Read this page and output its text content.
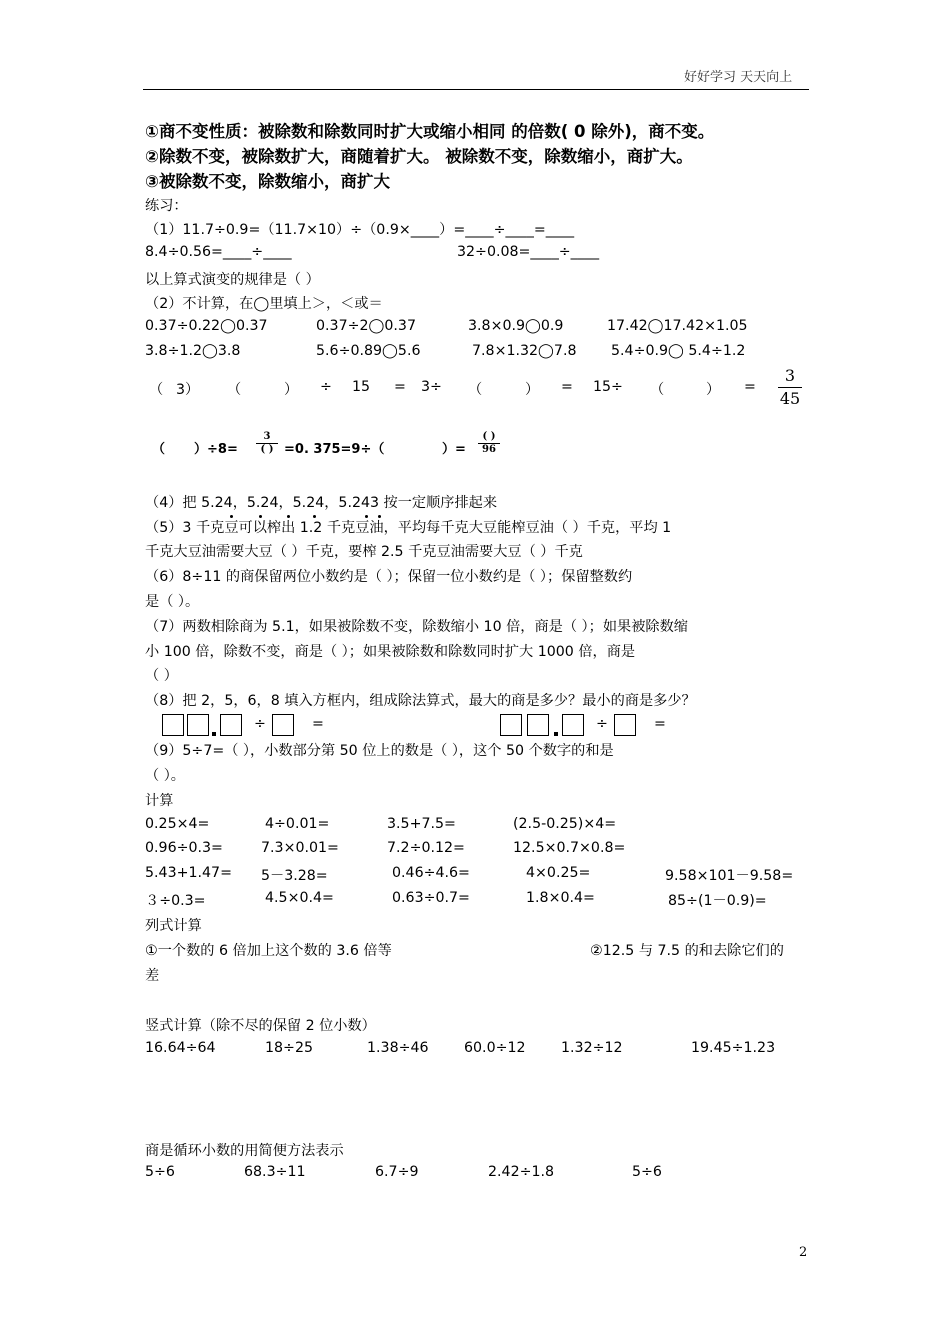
好好学习 天天向上
①商不变性质：被除数和除数同时扩大或缩小相同 的倍数( 0 除外)，商不变。
②除数不变，被除数扩大，商随着扩大。 被除数不变，除数缩小，商扩大。
③被除数不变，除数缩小，商扩大
练习：
（1）11.7÷0.9=（11.7×10）÷（0.9×____）=____÷____=____
8.4÷0.56=____÷____	32÷0.08=____÷____
以上算式演变的规律是（ ）
（2）不计算，在◯里填上＞，＜或＝
0.37÷0.22◯0.37	0.37÷2◯0.37	3.8×0.9◯0.9	17.42◯17.42×1.05
3.8÷1.2◯3.8	5.6÷0.89◯5.6	7.8×1.32◯7.8 5.4÷0.9◯ 5.4÷1.2
（ 3） （	） ÷ 15 = 3÷ （	） = 15÷ （	） =
3
45
（ ）÷8=
3
( ) =0. 375=9÷（	）=
( )
96
（4）把 5.24，5.24，5.24，5.243 按一定顺序排起来
（5）3 千克豆可以榨出 1.2 千克豆油，平均每千克大豆能榨豆油（ ）千克，平均 1
千克大豆油需要大豆（ ）千克，要榨 2.5 千克豆油需要大豆（ ）千克
（6）8÷11 的商保留两位小数约是（ ）；保留一位小数约是（ ）；保留整数约
是（ ）。
（7）两数相除商为 5.1，如果被除数不变，除数缩小 10 倍，商是（ ）；如果被除数缩
小 100 倍，除数不变，商是（ ）；如果被除数和除数同时扩大 1000 倍，商是
（ ）
（8）把 2，5，6，8 填入方框内，组成除法算式，最大的商是多少？最小的商是多少？
÷	=	÷	=
（9）5÷7=（ ），小数部分第 50 位上的数是（ ），这个 50 个数字的和是
（ ）。
计算
0.25×4=	4÷0.01=	3.5+7.5=	(2.5-0.25)×4=
0.96÷0.3=	7.3×0.01=	7.2÷0.12=	12.5×0.7×0.8=
5.43+1.47= 5－3.28=	0.46÷4.6=	4×0.25=	9.58×101－9.58=
３÷0.3=	4.5×0.4=	0.63÷0.7=	1.8×0.4=	85÷(1－0.9)=
列式计算
①一个数的 6 倍加上这个数的 3.6 倍等	②12.5 与 7.5 的和去除它们的
差
竖式计算（除不尽的保留 2 位小数）
16.64÷64	18÷25	1.38÷46 60.0÷12 1.32÷12	19.45÷1.23
商是循环小数的用简便方法表示
5÷6	68.3÷11	6.7÷9	2.42÷1.8	5÷6
2
